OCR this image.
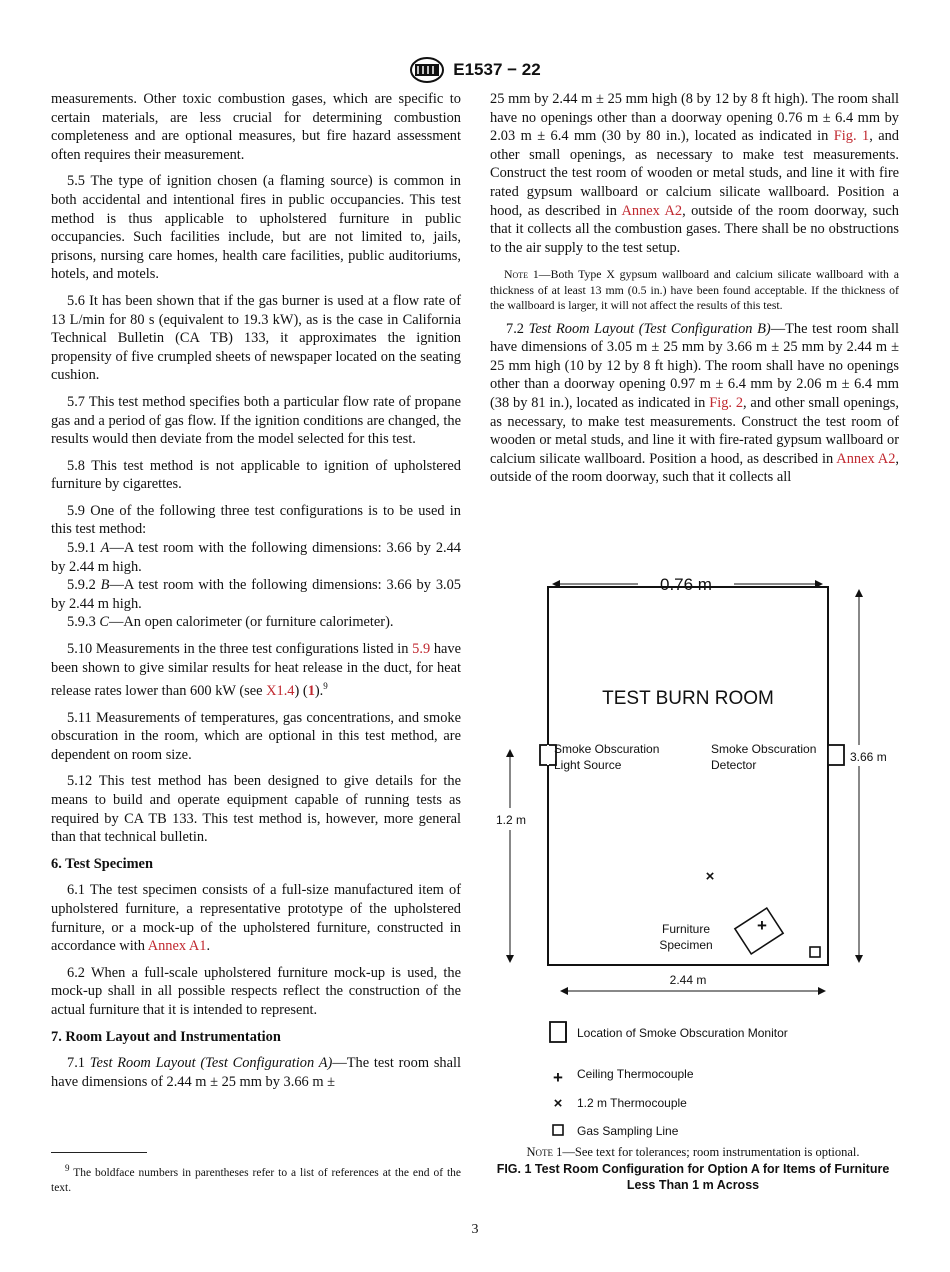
E1537 − 22

measurements. Other toxic combustion gases, which are specific to certain materials, are less crucial for determining combustion completeness and are optional measures, but fire hazard assessment often requires their measurement.

5.5 The type of ignition chosen (a flaming source) is common in both accidental and intentional fires in public occupancies. This test method is thus applicable to upholstered furniture in public occupancies. Such facilities include, but are not limited to, jails, prisons, nursing care homes, health care facilities, public auditoriums, hotels, and motels.

5.6 It has been shown that if the gas burner is used at a flow rate of 13 L/min for 80 s (equivalent to 19.3 kW), as is the case in California Technical Bulletin (CA TB) 133, it approximates the ignition propensity of five crumpled sheets of newspaper located on the seating cushion.

5.7 This test method specifies both a particular flow rate of propane gas and a period of gas flow. If the ignition conditions are changed, the results would then deviate from the model selected for this test.

5.8 This test method is not applicable to ignition of upholstered furniture by cigarettes.

5.9 One of the following three test configurations is to be used in this test method:

5.9.1 A—A test room with the following dimensions: 3.66 by 2.44 by 2.44 m high.

5.9.2 B—A test room with the following dimensions: 3.66 by 3.05 by 2.44 m high.

5.9.3 C—An open calorimeter (or furniture calorimeter).

5.10 Measurements in the three test configurations listed in 5.9 have been shown to give similar results for heat release in the duct, for heat release rates lower than 600 kW (see X1.4) (1).$^9$

5.11 Measurements of temperatures, gas concentrations, and smoke obscuration in the room, which are optional in this test method, are dependent on room size.

5.12 This test method has been designed to give details for the means to build and operate equipment capable of running tests as required by CA TB 133. This test method is, however, more general than that technical bulletin.

6. Test Specimen

6.1 The test specimen consists of a full-size manufactured item of upholstered furniture, a representative prototype of the upholstered furniture, or a mock-up of the upholstered furniture, constructed in accordance with Annex A1.

6.2 When a full-scale upholstered furniture mock-up is used, the mock-up shall in all possible respects reflect the construction of the actual furniture that it is intended to represent.

7. Room Layout and Instrumentation

7.1 Test Room Layout (Test Configuration A)—The test room shall have dimensions of 2.44 m ± 25 mm by 3.66 m ±

25 mm by 2.44 m ± 25 mm high (8 by 12 by 8 ft high). The room shall have no openings other than a doorway opening 0.76 m ± 6.4 mm by 2.03 m ± 6.4 mm (30 by 80 in.), located as indicated in Fig. 1, and other small openings, as necessary to make test measurements. Construct the test room of wooden or metal studs, and line it with fire rated gypsum wallboard or calcium silicate wallboard. Position a hood, as described in Annex A2, outside of the room doorway, such that it collects all the combustion gases. There shall be no obstructions to the air supply to the test setup.

Note 1—Both Type X gypsum wallboard and calcium silicate wallboard with a thickness of at least 13 mm (0.5 in.) have been found acceptable. If the thickness of the wallboard is larger, it will not affect the results of this test.

7.2 Test Room Layout (Test Configuration B)—The test room shall have dimensions of 3.05 m ± 25 mm by 3.66 m ± 25 mm by 2.44 m ± 25 mm high (10 by 12 by 8 ft high). The room shall have no openings other than a doorway opening 0.97 m ± 6.4 mm by 2.06 m ± 6.4 mm (38 by 81 in.), located as indicated in Fig. 2, and other small openings, as necessary, to make test measurements. Construct the test room of wooden or metal studs, and line it with fire-rated gypsum wallboard or calcium silicate wallboard. Position a hood, as described in Annex A2, outside of the room doorway, such that it collects all

0.76 m
TEST BURN ROOM
Smoke Obscuration
Light Source
Smoke Obscuration
Detector
3.66 m
1.2 m
×
Furniture
Specimen
+
2.44 m
Location of Smoke Obscuration Monitor
+ Ceiling Thermocouple
× 1.2 m Thermocouple
Gas Sampling Line
Note 1—See text for tolerances; room instrumentation is optional.
FIG. 1 Test Room Configuration for Option A for Items of Furniture Less Than 1 m Across
$^9$ The boldface numbers in parentheses refer to a list of references at the end of the text.
3
